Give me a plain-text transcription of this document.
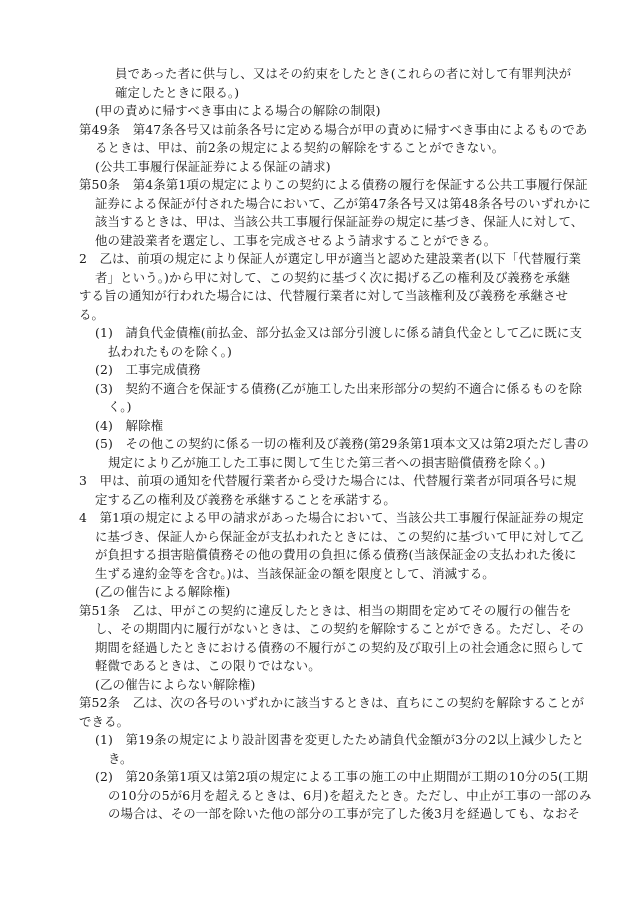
員であった者に供与し、又はその約束をしたとき(これらの者に対して有罪判決が
確定したときに限る。)
(甲の責めに帰すべき事由による場合の解除の制限)
第49条　第47条各号又は前条各号に定める場合が甲の責めに帰すべき事由によるものであ
るときは、甲は、前2条の規定による契約の解除をすることができない。
(公共工事履行保証証券による保証の請求)
第50条　第4条第1項の規定によりこの契約による債務の履行を保証する公共工事履行保証
証券による保証が付された場合において、乙が第47条各号又は第48条各号のいずれかに
該当するときは、甲は、当該公共工事履行保証証券の規定に基づき、保証人に対して、
他の建設業者を選定し、工事を完成させるよう請求することができる。
2　乙は、前項の規定により保証人が選定し甲が適当と認めた建設業者(以下「代替履行業
者」という。)から甲に対して、この契約に基づく次に掲げる乙の権利及び義務を承継
する旨の通知が行われた場合には、代替履行業者に対して当該権利及び義務を承継させ
る。
(1)　請負代金債権(前払金、部分払金又は部分引渡しに係る請負代金として乙に既に支
払われたものを除く。)
(2)　工事完成債務
(3)　契約不適合を保証する債務(乙が施工した出来形部分の契約不適合に係るものを除
く。)
(4)　解除権
(5)　その他この契約に係る一切の権利及び義務(第29条第1項本文又は第2項ただし書の
規定により乙が施工した工事に関して生じた第三者への損害賠償債務を除く。)
3　甲は、前項の通知を代替履行業者から受けた場合には、代替履行業者が同項各号に規
定する乙の権利及び義務を承継することを承諾する。
4　第1項の規定による甲の請求があった場合において、当該公共工事履行保証証券の規定
に基づき、保証人から保証金が支払われたときには、この契約に基づいて甲に対して乙
が負担する損害賠償債務その他の費用の負担に係る債務(当該保証金の支払われた後に
生ずる違約金等を含む。)は、当該保証金の額を限度として、消滅する。
(乙の催告による解除権)
第51条　乙は、甲がこの契約に違反したときは、相当の期間を定めてその履行の催告を
し、その期間内に履行がないときは、この契約を解除することができる。ただし、その
期間を経過したときにおける債務の不履行がこの契約及び取引上の社会通念に照らして
軽微であるときは、この限りではない。
(乙の催告によらない解除権)
第52条　乙は、次の各号のいずれかに該当するときは、直ちにこの契約を解除することが
できる。
(1)　第19条の規定により設計図書を変更したため請負代金額が3分の2以上減少したと
き。
(2)　第20条第1項又は第2項の規定による工事の施工の中止期間が工期の10分の5(工期
の10分の5が6月を超えるときは、6月)を超えたとき。ただし、中止が工事の一部のみ
の場合は、その一部を除いた他の部分の工事が完了した後3月を経過しても、なおそ
